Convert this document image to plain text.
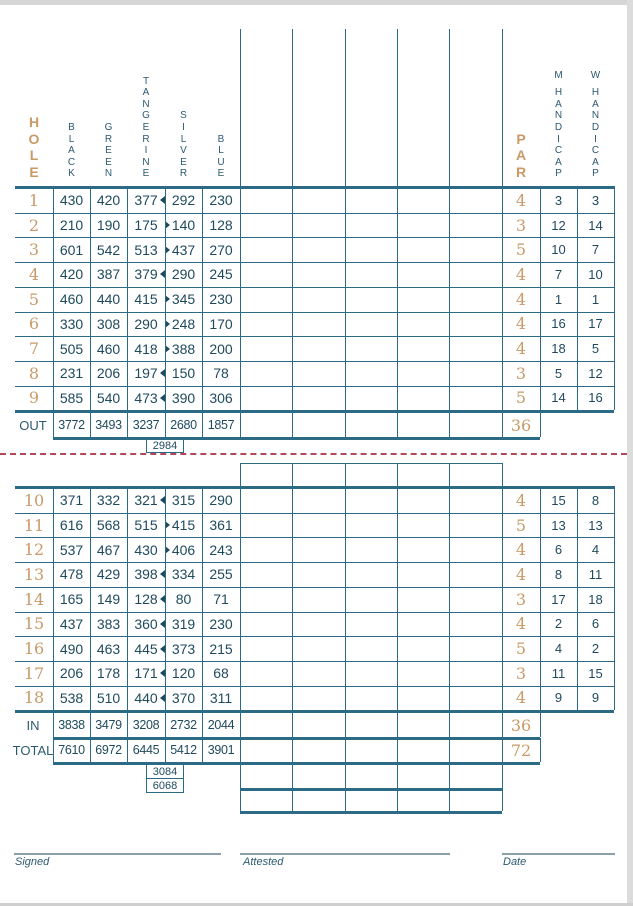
H
O
L
E
B
L
A
C
K
G
R
E
E
N
T
A
N
G
E
R
I
N
E
S
I
L
V
E
R
B
L
U
E
P
A
R
M
H
A
N
D
I
C
A
P
W
H
A
N
D
I
C
A
P
1	430 420	377	292	230	4	3	3
2	210 190	175	140	128	3	12	14
3	601 542	513	437	270	5	10	7
4	420 387	379	290	245	4	7	10
5	460 440	415	345	230	4	1	1
6	330 308	290	248	170	4	16	17
7	505 460	418	388	200	4	18	5
8	231 206	197	150	78	3	5	12
9	585 540	473	390	306	5	14	16
OUT 3772 3493 3237 2680 1857	36
2984
10	371 332	321	315	290	4	15	8
11	616 568	515	415	361	5	13	13
12	537 467	430	406	243	4	6	4
13	478 429	398	334	255	4	8	11
14	165 149	128	80	71	3	17	18
15	437 383	360	319	230	4	2	6
16	490 463	445	373	215	5	4	2
17	206 178	171	120	68	3	11	15
18	538 510	440	370	311	4	9	9
IN	3838 3479 3208 2732 2044	36
TOTAL 7610 6972 6445 5412 3901	72
3084
6068
Signed	Attested	Date
